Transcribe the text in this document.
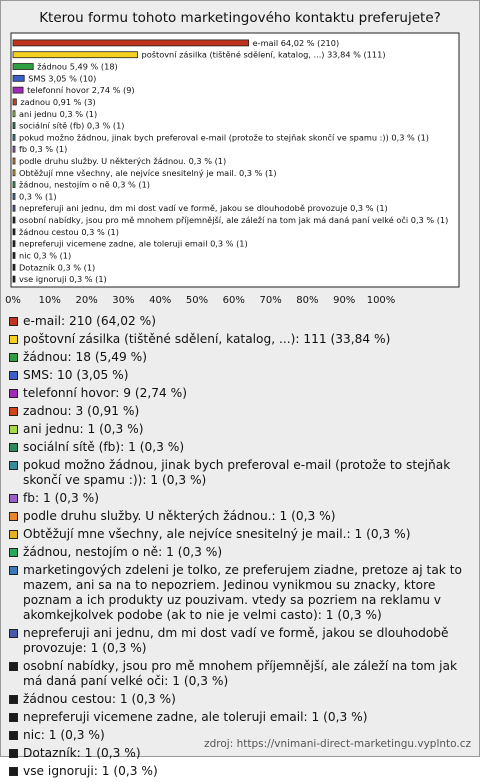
Kterou formu tohoto marketingového kontaktu preferujete?
e-mail 64,02 % (210)
poštovní zásilka (tištěné sdělení, katalog, ...) 33,84 % (111)
žádnou 5,49 % (18)
SMS 3,05 % (10)
telefonní hovor 2,74 % (9)
zadnou 0,91 % (3)
ani jednu 0,3 % (1)
sociální sítě (fb) 0,3 % (1)
pokud možno žádnou, jinak bych preferoval e-mail (protože to stejňak skončí ve spamu :)) 0,3 % (1)
fb 0,3 % (1)
podle druhu služby. U některých žádnou. 0,3 % (1)
Obtěžují mne všechny, ale nejvíce snesitelný je mail. 0,3 % (1)
žádnou, nestojím o ně 0,3 % (1)
0,3 % (1)
nepreferuji ani jednu, dm mi dost vadí ve formě, jakou se dlouhodobě provozuje 0,3 % (1)
osobní nabídky, jsou pro mě mnohem příjemnější, ale záleží na tom jak má daná paní velké oči 0,3 % (1)
žádnou cestou 0,3 % (1)
nepreferuji vicemene zadne, ale toleruji email 0,3 % (1)
nic 0,3 % (1)
Dotazník 0,3 % (1)
vse ignoruji 0,3 % (1)
0% 10% 20% 30% 40% 50% 60% 70% 80% 90% 100%
e-mail: 210 (64,02 %)
poštovní zásilka (tištěné sdělení, katalog, ...): 111 (33,84 %)
žádnou: 18 (5,49 %)
SMS: 10 (3,05 %)
telefonní hovor: 9 (2,74 %)
zadnou: 3 (0,91 %)
ani jednu: 1 (0,3 %)
sociální sítě (fb): 1 (0,3 %)
pokud možno žádnou, jinak bych preferoval e-mail (protože to stejňak skončí ve spamu :)): 1 (0,3 %)
fb: 1 (0,3 %)
podle druhu služby. U některých žádnou.: 1 (0,3 %)
Obtěžují mne všechny, ale nejvíce snesitelný je mail.: 1 (0,3 %)
žádnou, nestojím o ně: 1 (0,3 %)
marketingových zdeleni je tolko, ze preferujem ziadne, pretoze aj tak to mazem, ani sa na to nepozriem. Jedinou vynikmou su znacky, ktore poznam a ich produkty uz pouzivam. vtedy sa pozriem na reklamu v akomkejkolvek podobe (ak to nie je velmi casto): 1 (0,3 %)
nepreferuji ani jednu, dm mi dost vadí ve formě, jakou se dlouhodobě provozuje: 1 (0,3 %)
osobní nabídky, jsou pro mě mnohem příjemnější, ale záleží na tom jak má daná paní velké oči: 1 (0,3 %)
žádnou cestou: 1 (0,3 %)
nepreferuji vicemene zadne, ale toleruji email: 1 (0,3 %)
nic: 1 (0,3 %)
Dotazník: 1 (0,3 %)
vse ignoruji: 1 (0,3 %)
zdroj: https://vnimani-direct-marketingu.vyplnto.cz
